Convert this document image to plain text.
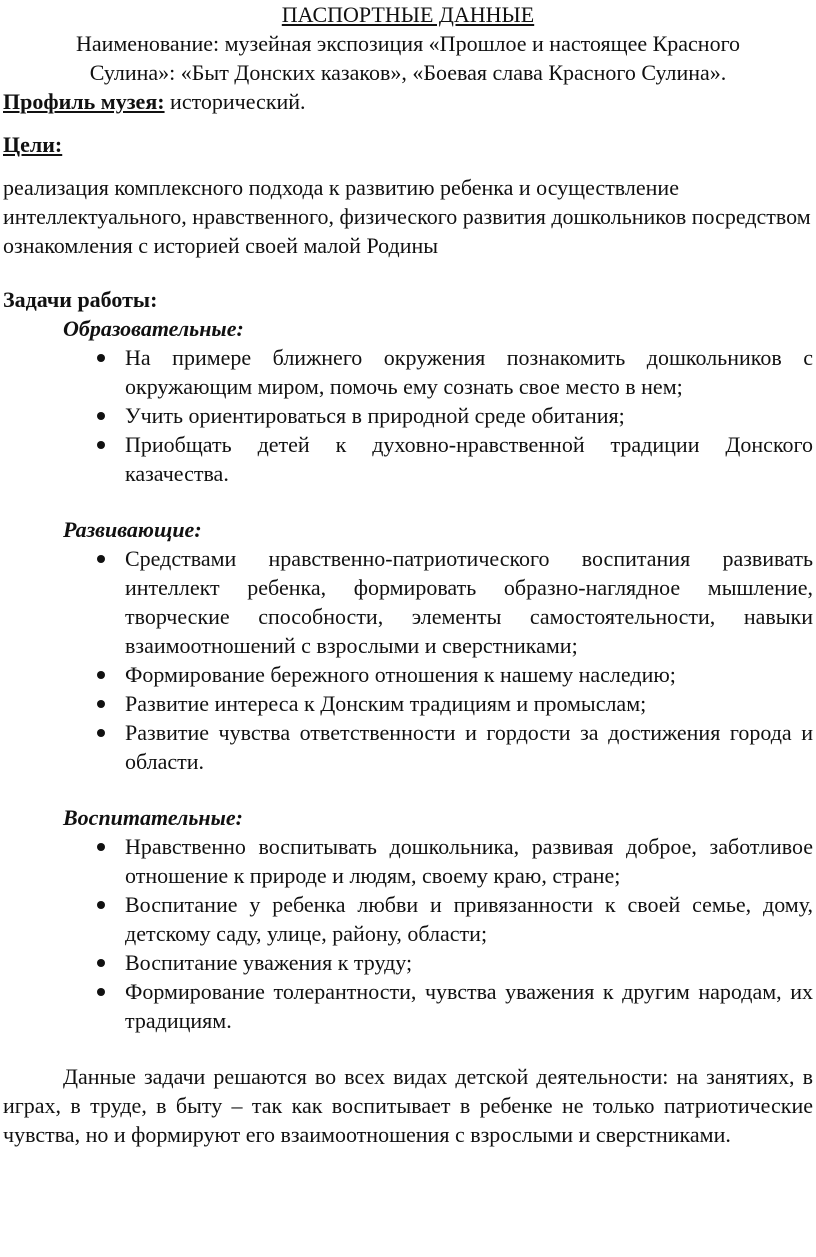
ПАСПОРТНЫЕ ДАННЫЕ

Наименование: музейная экспозиция «Прошлое и настоящее Красного

Сулина»: «Быт Донских казаков», «Боевая слава Красного Сулина».

Профиль музея: исторический.

Цели:

реализация комплексного подхода к развитию ребенка и осуществление интеллектуального, нравственного, физического развития дошкольников посредством ознакомления с историей своей малой Родины

Задачи работы:

Образовательные:

На примере ближнего окружения познакомить дошкольников с окружающим миром, помочь ему сознать свое место в нем;
Учить ориентироваться в природной среде обитания;
Приобщать детей к духовно-нравственной традиции Донского казачества.

Развивающие:

Средствами нравственно-патриотического воспитания развивать интеллект ребенка, формировать образно-наглядное мышление, творческие способности, элементы самостоятельности, навыки взаимоотношений с взрослыми и сверстниками;
Формирование бережного отношения к нашему наследию;
Развитие интереса к Донским традициям и промыслам;
Развитие чувства ответственности и гордости за достижения города и области.

Воспитательные:

Нравственно воспитывать дошкольника, развивая доброе, заботливое отношение к природе и людям, своему краю, стране;
Воспитание у ребенка любви и привязанности к своей семье, дому, детскому саду, улице, району, области;
Воспитание уважения к труду;
Формирование толерантности, чувства уважения к другим народам, их традициям.

Данные задачи решаются во всех видах детской деятельности: на занятиях, в играх, в труде, в быту – так как воспитывает в ребенке не только патриотические чувства, но и формируют его взаимоотношения с взрослыми и сверстниками.
